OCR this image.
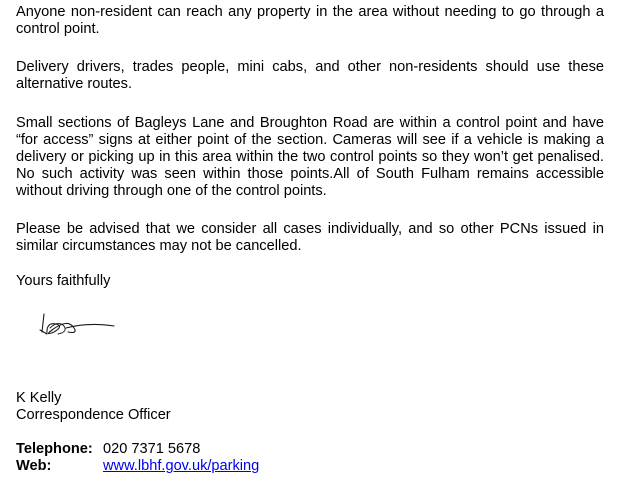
Anyone non-resident can reach any property in the area without needing to go through a control point.

Delivery drivers, trades people, mini cabs, and other non-residents should use these alternative routes.

Small sections of Bagleys Lane and Broughton Road are within a control point and have “for access” signs at either point of the section. Cameras will see if a vehicle is making a delivery or picking up in this area within the two control points so they won’t get penalised. No such activity was seen within those points.All of South Fulham remains accessible without driving through one of the control points.

Please be advised that we consider all cases individually, and so other PCNs issued in similar circumstances may not be cancelled.

Yours faithfully
K Kelly
Correspondence Officer
Telephone: 020 7371 5678
Web:	www.lbhf.gov.uk/parking
